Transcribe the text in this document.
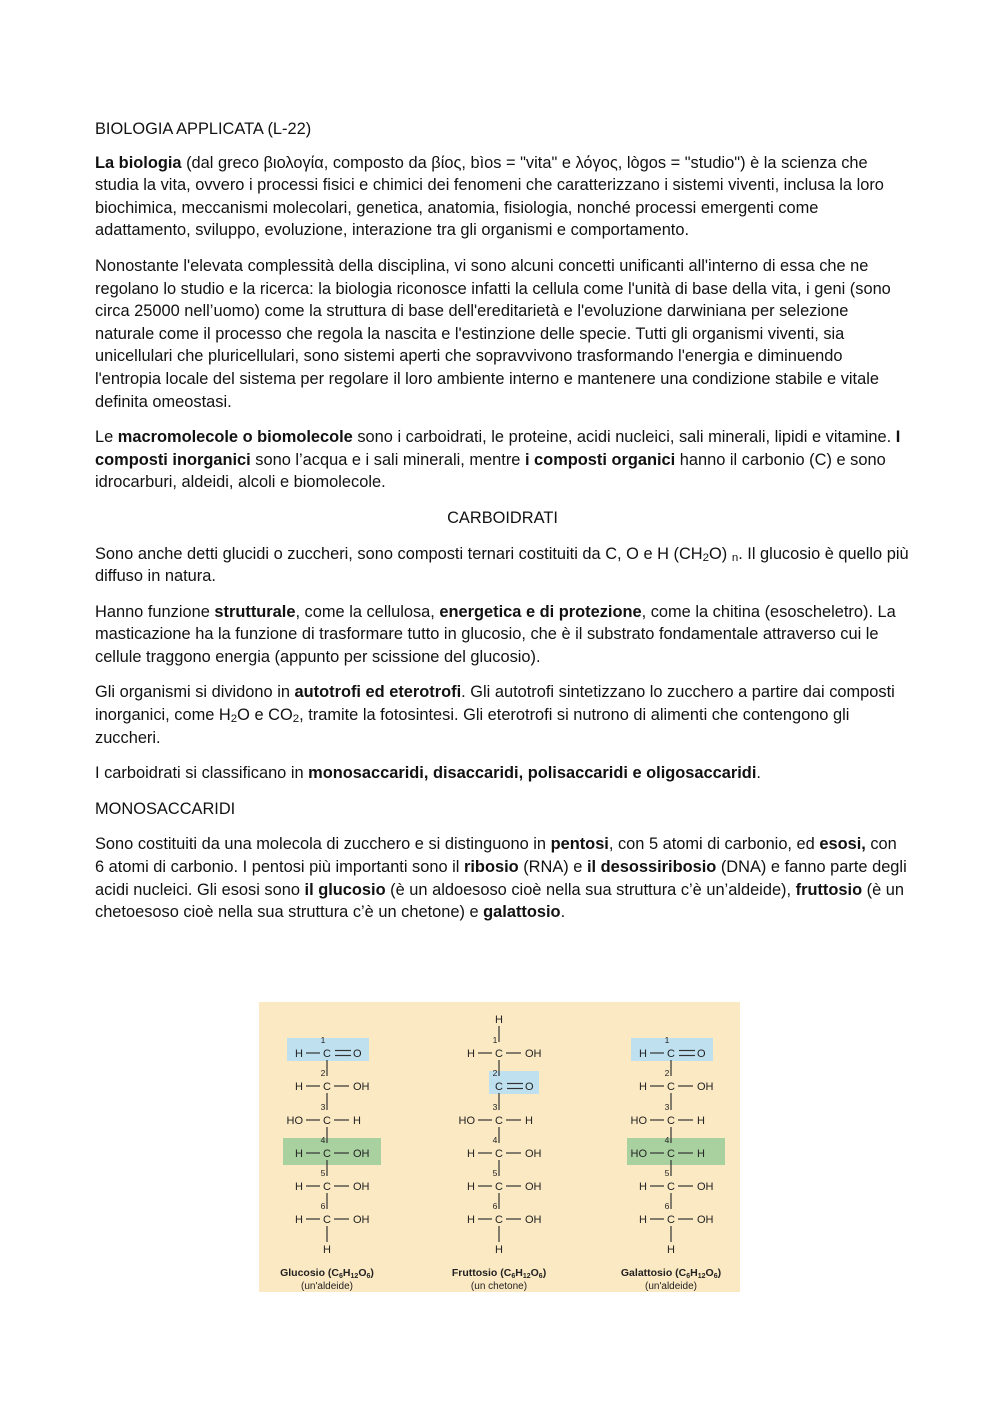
BIOLOGIA APPLICATA (L-22)

La biologia (dal greco βιολογία, composto da βίος, bìos = "vita" e λόγος, lògos = "studio") è la scienza che studia la vita, ovvero i processi fisici e chimici dei fenomeni che caratterizzano i sistemi viventi, inclusa la loro biochimica, meccanismi molecolari, genetica, anatomia, fisiologia, nonché processi emergenti come adattamento, sviluppo, evoluzione, interazione tra gli organismi e comportamento.

Nonostante l'elevata complessità della disciplina, vi sono alcuni concetti unificanti all'interno di essa che ne regolano lo studio e la ricerca: la biologia riconosce infatti la cellula come l'unità di base della vita, i geni (sono circa 25000 nell’uomo) come la struttura di base dell'ereditarietà e l'evoluzione darwiniana per selezione naturale come il processo che regola la nascita e l'estinzione delle specie. Tutti gli organismi viventi, sia unicellulari che pluricellulari, sono sistemi aperti che sopravvivono trasformando l'energia e diminuendo l'entropia locale del sistema per regolare il loro ambiente interno e mantenere una condizione stabile e vitale definita omeostasi.

Le macromolecole o biomolecole sono i carboidrati, le proteine, acidi nucleici, sali minerali, lipidi e vitamine. I composti inorganici sono l’acqua e i sali minerali, mentre i composti organici hanno il carbonio (C) e sono idrocarburi, aldeidi, alcoli e biomolecole.

CARBOIDRATI

Sono anche detti glucidi o zuccheri, sono composti ternari costituiti da C, O e H $(CH_2O)$ $_n$. Il glucosio è quello più diffuso in natura.

Hanno funzione strutturale, come la cellulosa, energetica e di protezione, come la chitina (esoscheletro). La masticazione ha la funzione di trasformare tutto in glucosio, che è il substrato fondamentale attraverso cui le cellule traggono energia (appunto per scissione del glucosio).

Gli organismi si dividono in autotrofi ed eterotrofi. Gli autotrofi sintetizzano lo zucchero a partire dai composti inorganici, come $H_2O$ e $CO_2$, tramite la fotosintesi. Gli eterotrofi si nutrono di alimenti che contengono gli zuccheri.

I carboidrati si classificano in monosaccaridi, disaccaridi, polisaccaridi e oligosaccaridi.

MONOSACCARIDI

Sono costituiti da una molecola di zucchero e si distinguono in pentosi, con 5 atomi di carbonio, ed esosi, con 6 atomi di carbonio. I pentosi più importanti sono il ribosio (RNA) e il desossiribosio (DNA) e fanno parte degli acidi nucleici. Gli esosi sono il glucosio (è un aldoesoso cioè nella sua struttura c’è un’aldeide), fruttosio (è un chetoesoso cioè nella sua struttura c’è un chetone) e galattosio.

1
C
H	O
2
C
H	OH
3
C
HO	H
4
C
H	OH
5
C
H	OH
6
C
H	OH
H
Glucosio (C6H12O6)
(un'aldeide)
H
1
C
H	OH
2
C O
3
C
HO	H
4
C
H	OH
5
C
H	OH
6
C
H	OH
H
Fruttosio (C6H12O6)
(un chetone)
1
C
H	O
2
C
H	OH
3
C
HO	H
4
C
HO	H
5
C
H	OH
6
C
H	OH
H
Galattosio (C6H12O6)
(un'aldeide)
